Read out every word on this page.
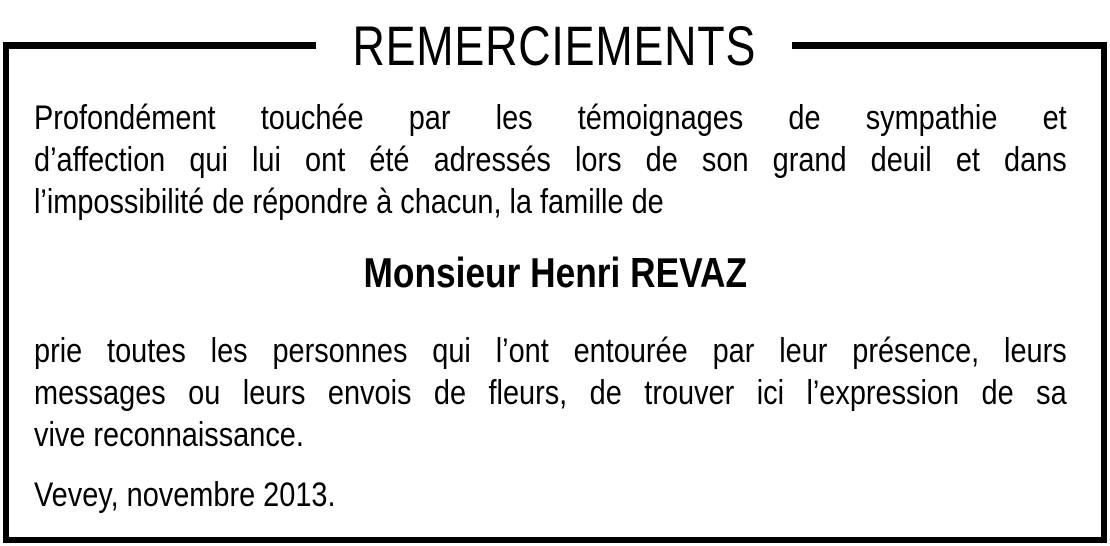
REMERCIEMENTS
Profondément touchée par les témoignages de sympathie et
d’affection qui lui ont été adressés lors de son grand deuil et dans
l’impossibilité de répondre à chacun, la famille de
Monsieur Henri REVAZ
prie toutes les personnes qui l’ont entourée par leur présence, leurs
messages ou leurs envois de fleurs, de trouver ici l’expression de sa
vive reconnaissance.
Vevey, novembre 2013.
